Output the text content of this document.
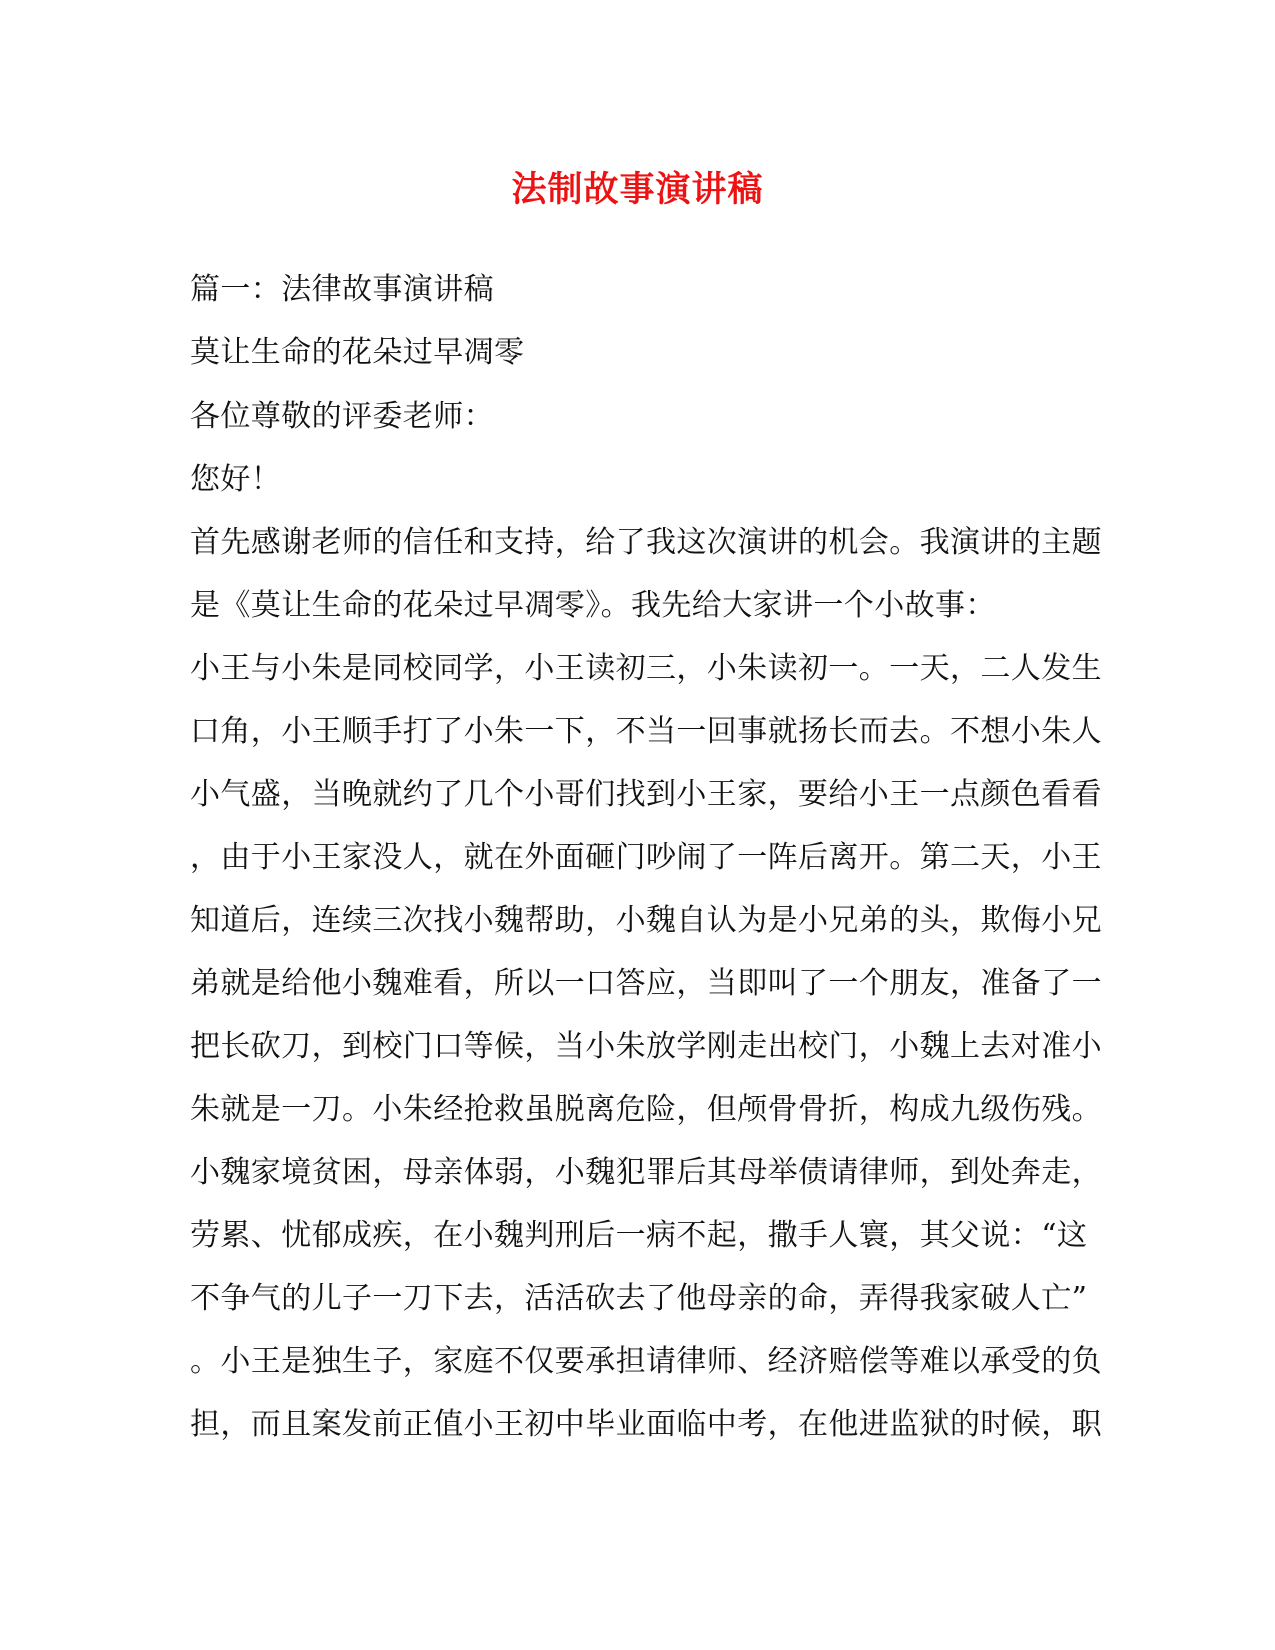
法制故事演讲稿
篇一：法律故事演讲稿
莫让生命的花朵过早凋零
各位尊敬的评委老师：
您好！
首先感谢老师的信任和支持，给了我这次演讲的机会。我演讲的主题
是《莫让生命的花朵过早凋零》。我先给大家讲一个小故事：
小王与小朱是同校同学，小王读初三，小朱读初一。一天，二人发生
口角，小王顺手打了小朱一下，不当一回事就扬长而去。不想小朱人
小气盛，当晚就约了几个小哥们找到小王家，要给小王一点颜色看看
，由于小王家没人，就在外面砸门吵闹了一阵后离开。第二天，小王
知道后，连续三次找小魏帮助，小魏自认为是小兄弟的头，欺侮小兄
弟就是给他小魏难看，所以一口答应，当即叫了一个朋友，准备了一
把长砍刀，到校门口等候，当小朱放学刚走出校门，小魏上去对准小
朱就是一刀。小朱经抢救虽脱离危险，但颅骨骨折，构成九级伤残。
小魏家境贫困，母亲体弱，小魏犯罪后其母举债请律师，到处奔走，
劳累、忧郁成疾，在小魏判刑后一病不起，撒手人寰，其父说：“这
不争气的儿子一刀下去，活活砍去了他母亲的命，弄得我家破人亡”
。小王是独生子，家庭不仅要承担请律师、经济赔偿等难以承受的负
担，而且案发前正值小王初中毕业面临中考，在他进监狱的时候，职
